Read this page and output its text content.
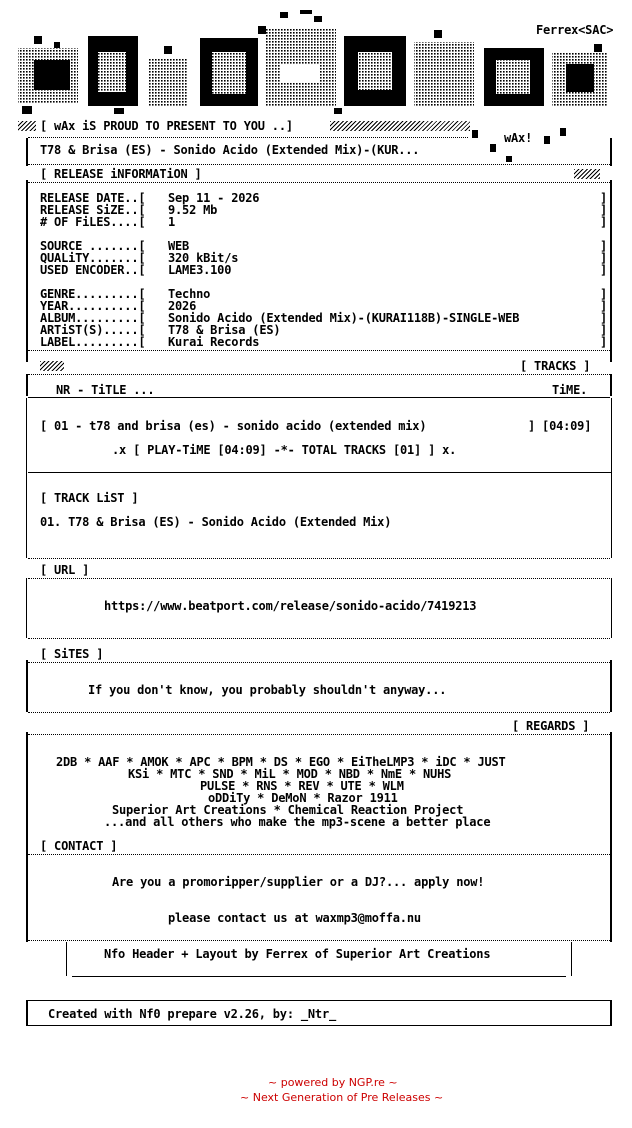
Ferrex<SAC>
[ wAx iS PROUD TO PRESENT TO YOU ..]
wAx!
T78 & Brisa (ES) - Sonido Acido (Extended Mix)-(KUR...
[ RELEASE iNFORMATiON ]
RELEASE DATE..[ Sep 11 - 2026	]
RELEASE SiZE..[ 9.52 Mb	]
# OF FiLES....[ 1	]
SOURCE .......[ WEB	]
QUALiTY.......[ 320 kBit/s	]
USED ENCODER..[ LAME3.100	]
GENRE.........[ Techno	]
YEAR..........[ 2026	]
ALBUM.........[ Sonido Acido (Extended Mix)-(KURAI118B)-SINGLE-WEB	]
ARTiST(S).....[ T78 & Brisa (ES)	]
LABEL.........[ Kurai Records	]
[ TRACKS ]
NR - TiTLE ...	TiME.
[ 01 - t78 and brisa (es) - sonido acido (extended mix)	] [04:09]
.x [ PLAY-TiME [04:09] -*- TOTAL TRACKS [01] ] x.
[ TRACK LiST ]
01. T78 & Brisa (ES) - Sonido Acido (Extended Mix)
[ URL ]
https://www.beatport.com/release/sonido-acido/7419213
[ SiTES ]
If you don't know, you probably shouldn't anyway...
[ REGARDS ]
2DB * AAF * AMOK * APC * BPM * DS * EGO * EiTheLMP3 * iDC * JUST
KSi * MTC * SND * MiL * MOD * NBD * NmE * NUHS
PULSE * RNS * REV * UTE * WLM
oDDiTy * DeMoN * Razor 1911
Superior Art Creations * Chemical Reaction Project
...and all others who make the mp3-scene a better place
[ CONTACT ]
Are you a promoripper/supplier or a DJ?... apply now!
please contact us at waxmp3@moffa.nu
Nfo Header + Layout by Ferrex of Superior Art Creations
Created with Nf0 prepare v2.26, by: _Ntr_
~ powered by NGP.re ~
~ Next Generation of Pre Releases ~
